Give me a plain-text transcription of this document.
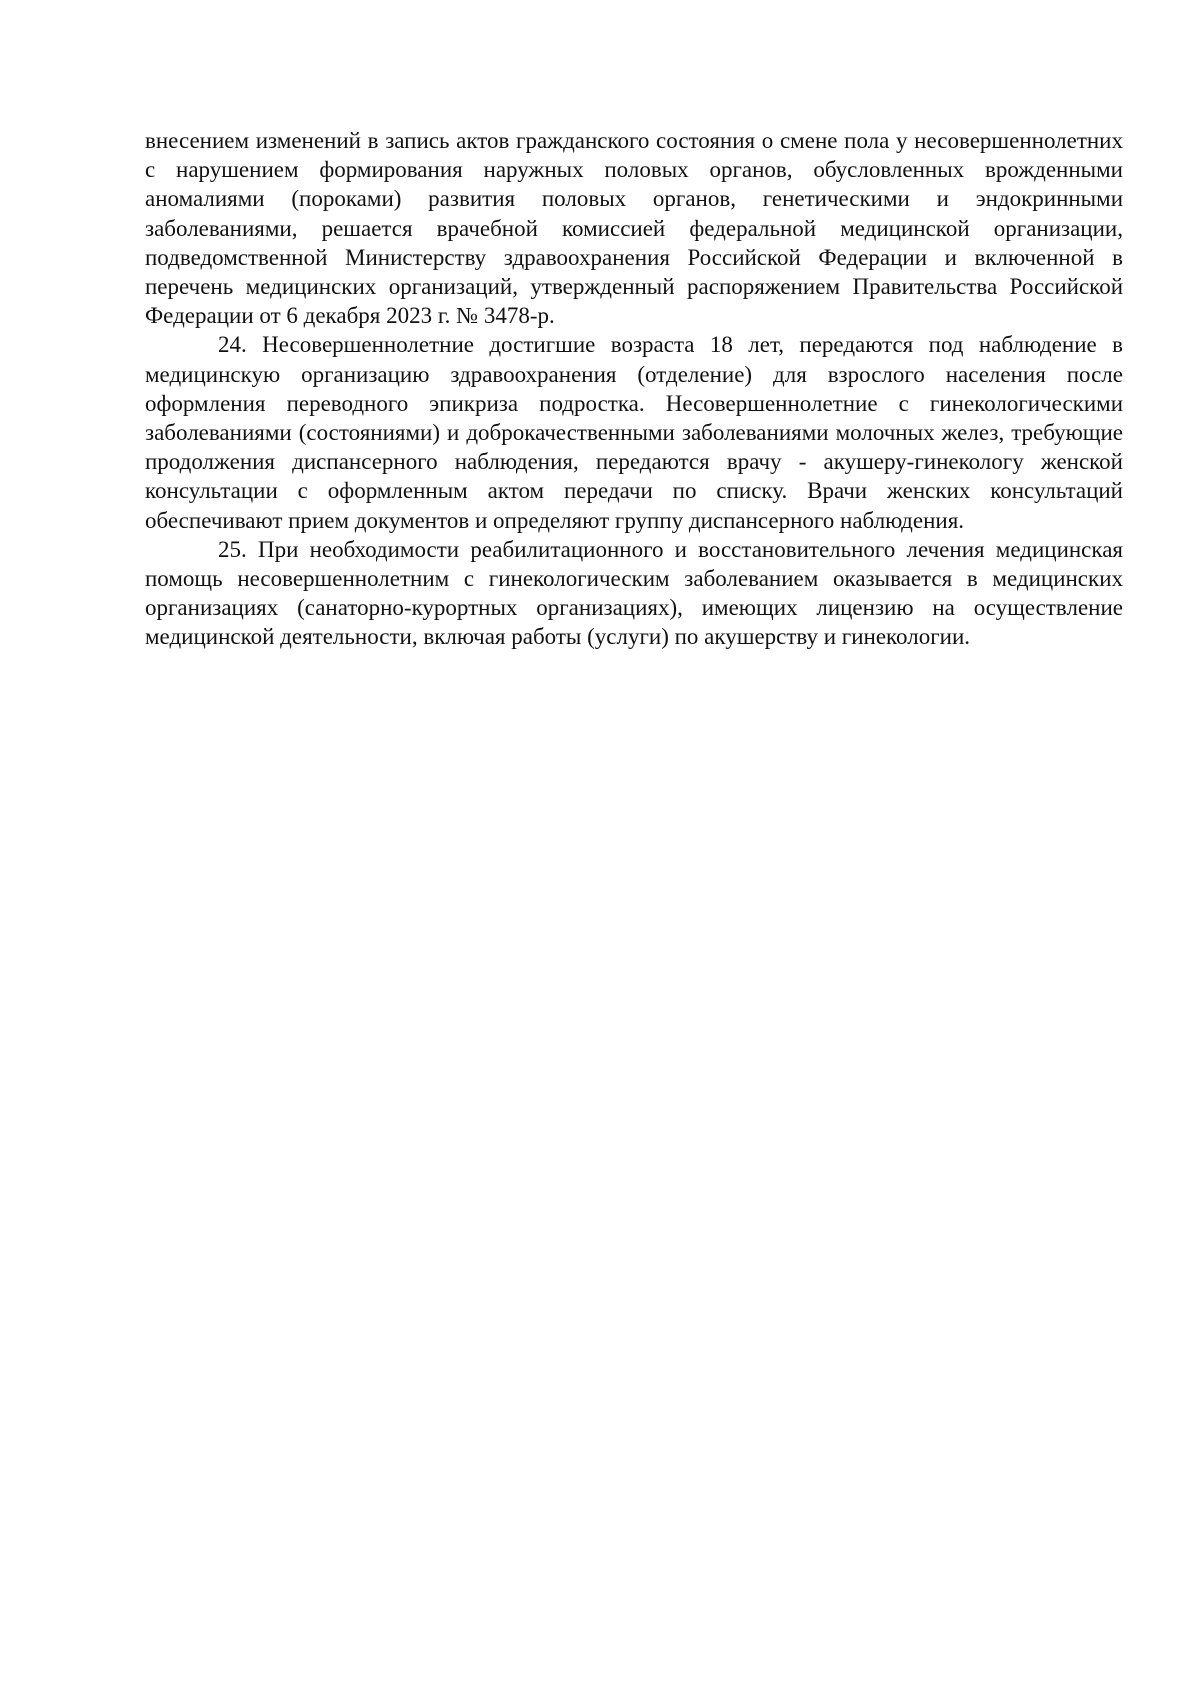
внесением изменений в запись актов гражданского состояния о смене пола у несовершеннолетних с нарушением формирования наружных половых органов, обусловленных врожденными аномалиями (пороками) развития половых органов, генетическими и эндокринными заболеваниями, решается врачебной комиссией федеральной медицинской организации, подведомственной Министерству здравоохранения Российской Федерации и включенной в перечень медицинских организаций, утвержденный распоряжением Правительства Российской Федерации от 6 декабря 2023 г. № 3478-р.

24. Несовершеннолетние достигшие возраста 18 лет, передаются под наблюдение в медицинскую организацию здравоохранения (отделение) для взрослого населения после оформления переводного эпикриза подростка. Несовершеннолетние с гинекологическими заболеваниями (состояниями) и доброкачественными заболеваниями молочных желез, требующие продолжения диспансерного наблюдения, передаются врачу - акушеру-гинекологу женской консультации с оформленным актом передачи по списку. Врачи женских консультаций обеспечивают прием документов и определяют группу диспансерного наблюдения.

25. При необходимости реабилитационного и восстановительного лечения медицинская помощь несовершеннолетним с гинекологическим заболеванием оказывается в медицинских организациях (санаторно-курортных организациях), имеющих лицензию на осуществление медицинской деятельности, включая работы (услуги) по акушерству и гинекологии.
